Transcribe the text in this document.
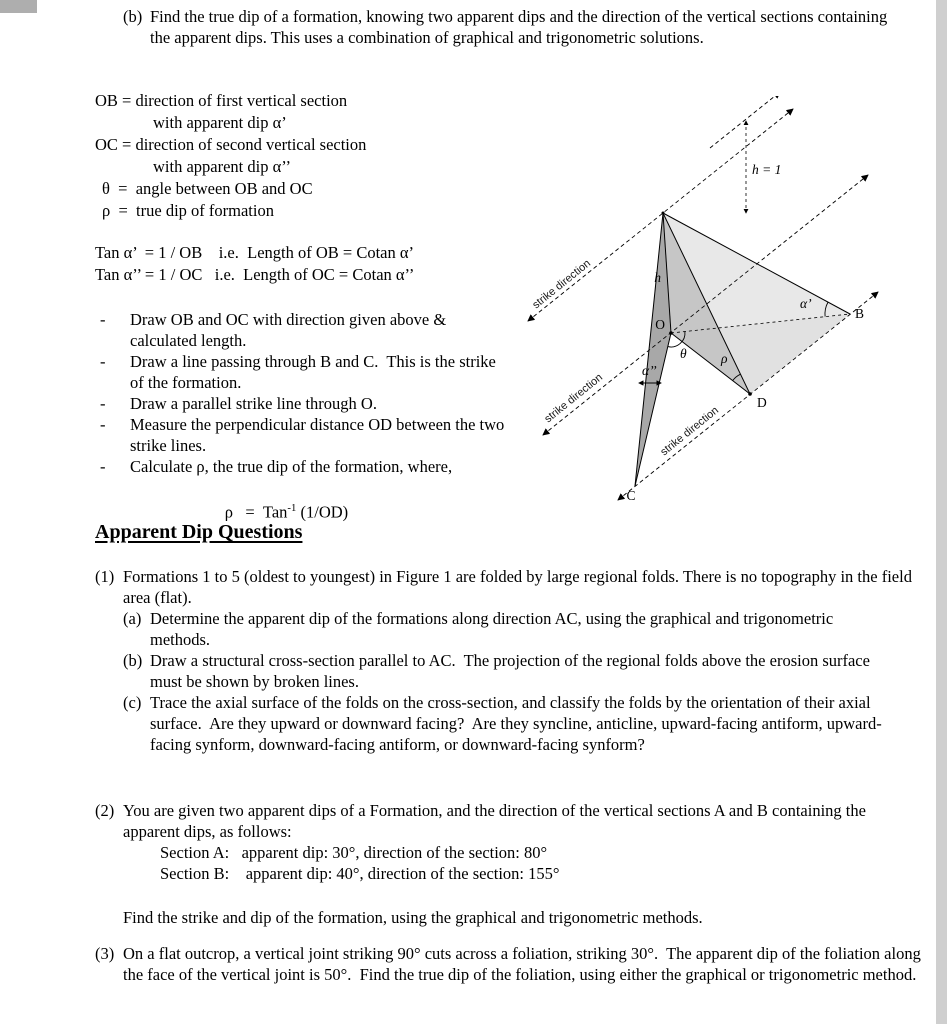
(b) Find the true dip of a formation, knowing two apparent dips and the direction of the vertical sections containing the apparent dips. This uses a combination of graphical and trigonometric solutions.
OB = direction of first vertical section
with apparent dip α’
OC = direction of second vertical section
with apparent dip α’’
θ  =  angle between OB and OC
ρ  =  true dip of formation
Tan α’  = 1 / OB    i.e.  Length of OB = Cotan α’
Tan α’’ = 1 / OC   i.e.  Length of OC = Cotan α’’
-	Draw OB and OC with direction given above & calculated length.
-	Draw a line passing through B and C.  This is the strike of the formation.
-	Draw a parallel strike line through O.
-	Measure the perpendicular distance OD between the two strike lines.
-	Calculate ρ, the true dip of the formation, where,

ρ   =  Tan$^{-1}$ (1/OD)

Apparent Dip Questions
(1) Formations 1 to 5 (oldest to youngest) in Figure 1 are folded by large regional folds. There is no topography in the field area (flat).
(a) Determine the apparent dip of the formations along direction AC, using the graphical and trigonometric methods.
(b) Draw a structural cross-section parallel to AC.  The projection of the regional folds above the erosion surface must be shown by broken lines.
(c) Trace the axial surface of the folds on the cross-section, and classify the folds by the orientation of their axial surface.  Are they upward or downward facing?  Are they syncline, anticline, upward-facing antiform, upward-facing synform, downward-facing antiform, or downward-facing synform?
(2) You are given two apparent dips of a Formation, and the direction of the vertical sections A and B containing the apparent dips, as follows:
Section A:   apparent dip: 30°, direction of the section: 80°
Section B:    apparent dip: 40°, direction of the section: 155°
Find the strike and dip of the formation, using the graphical and trigonometric methods.
(3) On a flat outcrop, a vertical joint striking 90° cuts across a foliation, striking 30°.  The apparent dip of the foliation along the face of the vertical joint is 50°.  Find the true dip of the foliation, using either the graphical or trigonometric method.
strike direction
strike direction
strike direction
h
h = 1
O
B
C
D
θ	ρ
α’
α’’
